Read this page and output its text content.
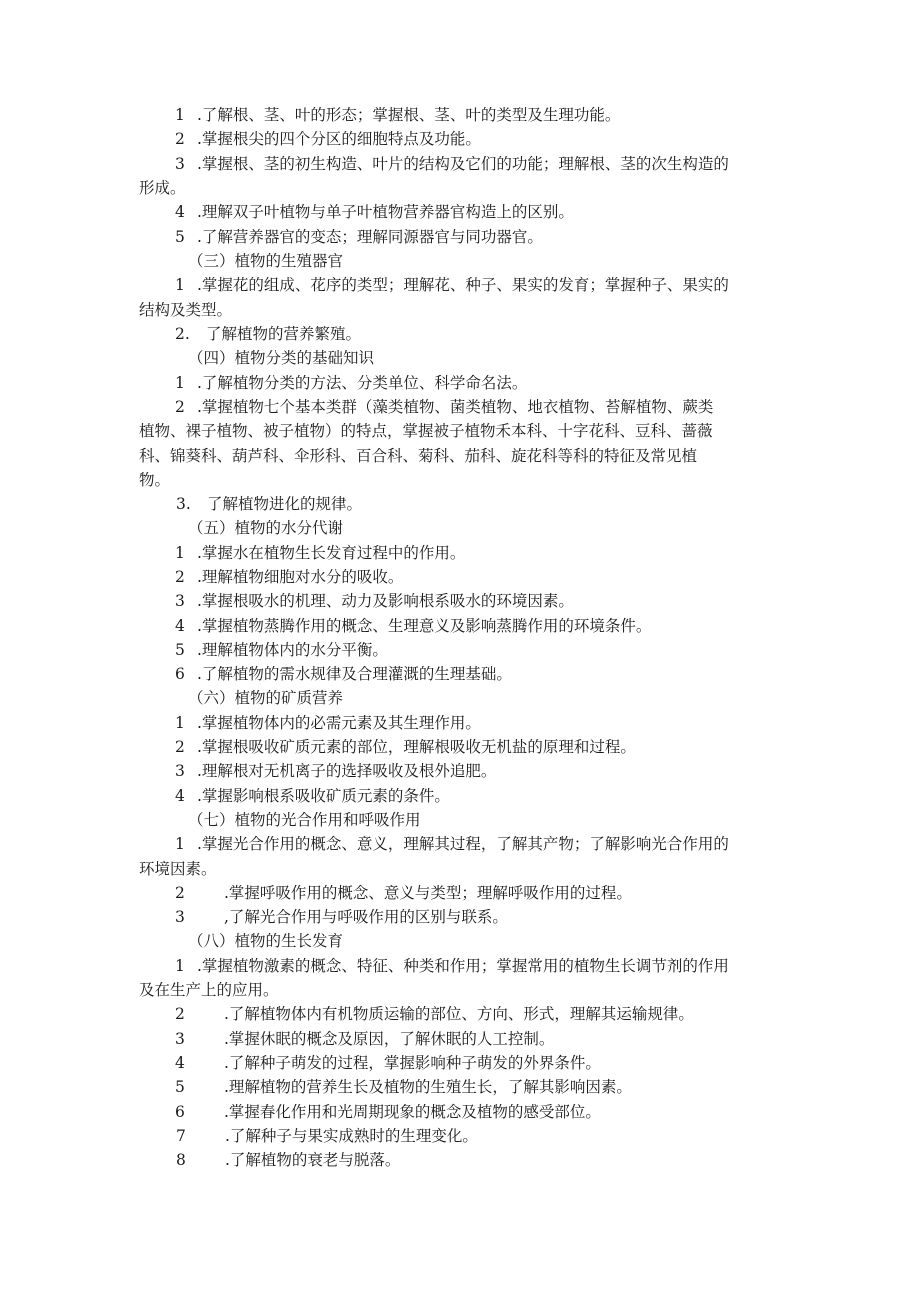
1 .了解根、茎、叶的形态；掌握根、茎、叶的类型及生理功能。
2 .掌握根尖的四个分区的细胞特点及功能。
3 .掌握根、茎的初生构造、叶片的结构及它们的功能；理解根、茎的次生构造的
形成。
4 .理解双子叶植物与单子叶植物营养器官构造上的区别。
5 .了解营养器官的变态；理解同源器官与同功器官。
（三）植物的生殖器官
1 .掌握花的组成、花序的类型；理解花、种子、果实的发育；掌握种子、果实的
结构及类型。
2. 了解植物的营养繁殖。
（四）植物分类的基础知识
1 .了解植物分类的方法、分类单位、科学命名法。
2 .掌握植物七个基本类群（藻类植物、菌类植物、地衣植物、苔解植物、蕨类
植物、裸子植物、被子植物）的特点，掌握被子植物禾本科、十字花科、豆科、蔷薇
科、锦葵科、葫芦科、伞形科、百合科、菊科、茄科、旋花科等科的特征及常见植
物。
3. 了解植物进化的规律。
（五）植物的水分代谢
1 .掌握水在植物生长发育过程中的作用。
2 .理解植物细胞对水分的吸收。
3 .掌握根吸水的机理、动力及影响根系吸水的环境因素。
4 .掌握植物蒸腾作用的概念、生理意义及影响蒸腾作用的环境条件。
5 .理解植物体内的水分平衡。
6 .了解植物的需水规律及合理灌溉的生理基础。
（六）植物的矿质营养
1 .掌握植物体内的必需元素及其生理作用。
2 .掌握根吸收矿质元素的部位，理解根吸收无机盐的原理和过程。
3 .理解根对无机离子的选择吸收及根外追肥。
4 .掌握影响根系吸收矿质元素的条件。
（七）植物的光合作用和呼吸作用
1 .掌握光合作用的概念、意义，理解其过程，了解其产物；了解影响光合作用的
环境因素。
2	.掌握呼吸作用的概念、意义与类型；理解呼吸作用的过程。
3	,了解光合作用与呼吸作用的区别与联系。
（八）植物的生长发育
1 .掌握植物激素的概念、特征、种类和作用；掌握常用的植物生长调节剂的作用
及在生产上的应用。
2	.了解植物体内有机物质运输的部位、方向、形式，理解其运输规律。
3	.掌握休眠的概念及原因，了解休眠的人工控制。
4	.了解种子萌发的过程，掌握影响种子萌发的外界条件。
5	.理解植物的营养生长及植物的生殖生长，了解其影响因素。
6	.掌握春化作用和光周期现象的概念及植物的感受部位。
7	.了解种子与果实成熟时的生理变化。
8	.了解植物的衰老与脱落。
